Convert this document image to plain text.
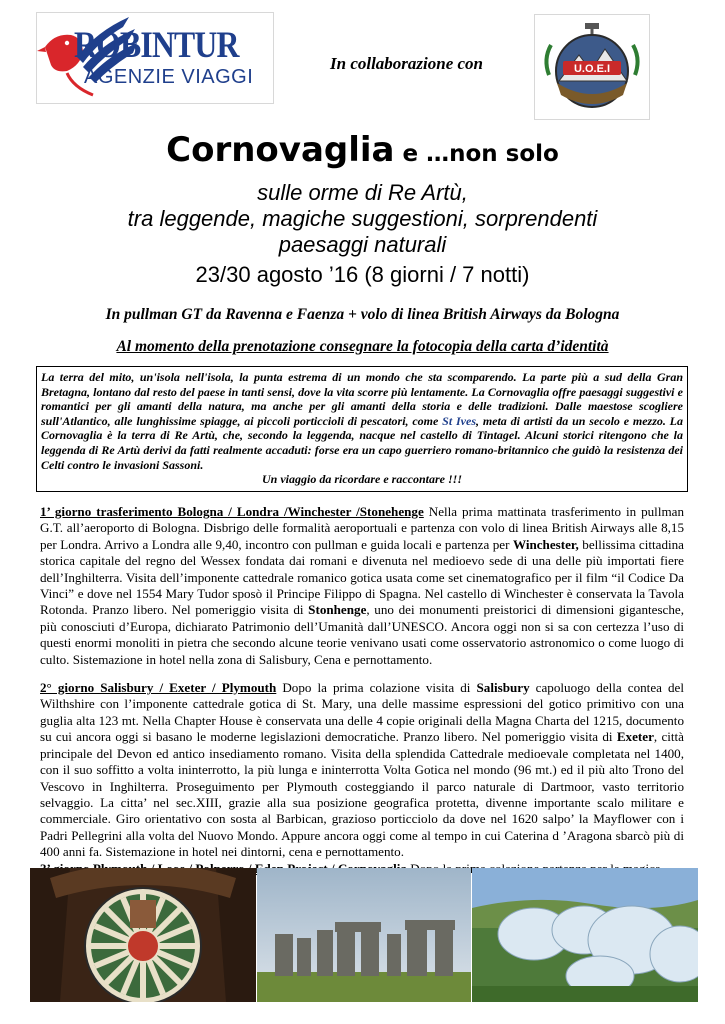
ROBINTUR
AGENZIE VIAGGI
In collaborazione con	U.O.E.I
Cornovaglia e …non solo
sulle orme di Re Artù,
tra leggende, magiche suggestioni, sorprendenti
paesaggi naturali
23/30 agosto ’16 (8 giorni / 7 notti)
In pullman GT da Ravenna e Faenza + volo di linea British Airways da Bologna
Al momento della prenotazione consegnare la fotocopia della carta d’identità
La terra del mito, un'isola nell'isola, la punta estrema di un mondo che sta scomparendo. La parte più a sud della Gran Bretagna, lontano dal resto del paese in tanti sensi, dove la vita scorre più lentamente. La Cornovaglia offre paesaggi suggestivi e romantici per gli amanti della natura, ma anche per gli amanti della storia e delle tradizioni. Dalle maestose scogliere sull'Atlantico, alle lunghissime spiagge, ai piccoli porticcioli di pescatori, come St Ives, meta di artisti da un secolo e mezzo. La Cornovaglia è la terra di Re Artù, che, secondo la leggenda, nacque nel castello di Tintagel. Alcuni storici ritengono che la leggenda di Re Artù derivi da fatti realmente accaduti: forse era un capo guerriero romano-britannico che guidò la resistenza dei Celti contro le invasioni Sassoni.
Un viaggio da ricordare e raccontare !!!

1’ giorno trasferimento Bologna / Londra /Winchester /Stonehenge Nella prima mattinata trasferimento in pullman G.T. all’aeroporto di Bologna. Disbrigo delle formalità aeroportuali e partenza con volo di linea British Airways alle 8,15 per Londra. Arrivo a Londra alle 9,40, incontro con pullman e guida locali e partenza per Winchester, bellissima cittadina storica capitale del regno del Wessex fondata dai romani e divenuta nel medioevo sede di una delle più importati fiere dell’Inghilterra. Visita dell’imponente cattedrale romanico gotica usata come set cinematografico per il film “il Codice Da Vinci” e dove nel 1554 Mary Tudor sposò il Principe Filippo di Spagna. Nel castello di Winchester è conservata la Tavola Rotonda. Pranzo libero. Nel pomeriggio visita di Stonhenge, uno dei monumenti preistorici di dimensioni gigantesche, più conosciuti d’Europa, dichiarato Patrimonio dell’Umanità dall’UNESCO. Ancora oggi non si sa con certezza l’uso di questi enormi monoliti in pietra che secondo alcune teorie venivano usati come osservatorio astronomico o come luogo di culto. Sistemazione in hotel nella zona di Salisbury, Cena e pernottamento.

2° giorno Salisbury / Exeter / Plymouth Dopo la prima colazione visita di Salisbury capoluogo della contea del Wilthshire con l’imponente cattedrale gotica di St. Mary, una delle massime espressioni del gotico primitivo con una guglia alta 123 mt. Nella Chapter House è conservata una delle 4 copie originali della Magna Charta del 1215, documento su cui ancora oggi si basano le moderne legislazioni democratiche. Pranzo libero. Nel pomeriggio visita di Exeter, città principale del Devon ed antico insediamento romano. Visita della splendida Cattedrale medioevale completata nel 1400, con il suo soffitto a volta ininterrotto, la più lunga e ininterrotta Volta Gotica nel mondo (96 mt.) ed il più alto Trono del Vescovo in Inghilterra. Proseguimento per Plymouth costeggiando il parco naturale di Dartmoor, vasto territorio selvaggio. La citta’ nel sec.XIII, grazie alla sua posizione geografica protetta, divenne importante scalo militare e commerciale. Giro orientativo con sosta al Barbican, grazioso porticciolo da dove nel 1620 salpo’ la Mayflower con i Padri Pellegrini alla volta del Nuovo Mondo. Appure ancora oggi come al tempo in cui Caterina d ’Aragona sbarcò più di 400 anni fa. Sistemazione in hotel nei dintorni, cena e pernottamento.
